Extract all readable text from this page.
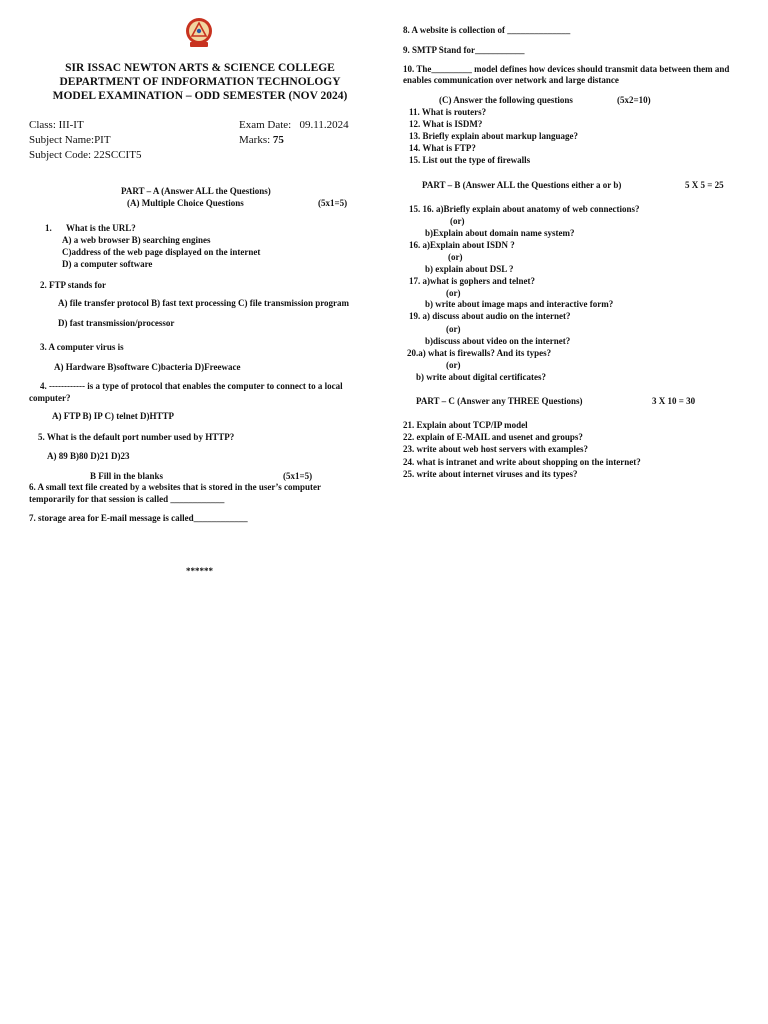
SIR ISSAC NEWTON ARTS & SCIENCE COLLEGE
DEPARTMENT OF INDFORMATION TECHNOLOGY
MODEL EXAMINATION – ODD SEMESTER (NOV 2024)
Class: III-IT
Subject Name:PIT
Subject Code: 22SCCIT5
Exam Date: 09.11.2024
Marks: 75
PART – A (Answer ALL the Questions)
(A) Multiple Choice Questions	(5x1=5)
1. What is the URL?
A) a web browser B) searching engines
C)address of the web page displayed on the internet
D) a computer software
2. FTP stands for
A) file transfer protocol B) fast text processing C) file transmission program
D) fast transmission/processor
3. A computer virus is
A) Hardware B)software C)bacteria D)Freewace
4. ------------ is a type of protocol that enables the computer to connect to a local
computer?
A) FTP B) IP C) telnet D)HTTP
5. What is the default port number used by HTTP?
A) 89 B)80 D)21 D)23
B Fill in the blanks	(5x1=5)
6. A small text file created by a websites that is stored in the user’s computer
temporarily for that session is called ____________
7. storage area for E-mail message is called____________
******
8. A website is collection of ______________
9. SMTP Stand for___________
10. The_________ model defines how devices should transmit data between them and
enables communication over network and large distance
(C) Answer the following questions	(5x2=10)
11. What is routers?
12. What is ISDM?
13. Briefly explain about markup language?
14. What is FTP?
15. List out the type of firewalls
PART – B (Answer ALL the Questions either a or b)	5 X 5 = 25
15. 16. a)Briefly explain about anatomy of web connections?
(or)
b)Explain about domain name system?
16. a)Explain about ISDN ?
(or)
b) explain about DSL ?
17. a)what is gophers and telnet?
(or)
b) write about image maps and interactive form?
19. a) discuss about audio on the internet?
(or)
b)discuss about video on the internet?
20.a) what is firewalls? And its types?
(or)
b) write about digital certificates?
PART – C (Answer any THREE Questions)	3 X 10 = 30
21. Explain about TCP/IP model
22. explain of E-MAIL and usenet and groups?
23. write about web host servers with examples?
24. what is intranet and write about shopping on the internet?
25. write about internet viruses and its types?
